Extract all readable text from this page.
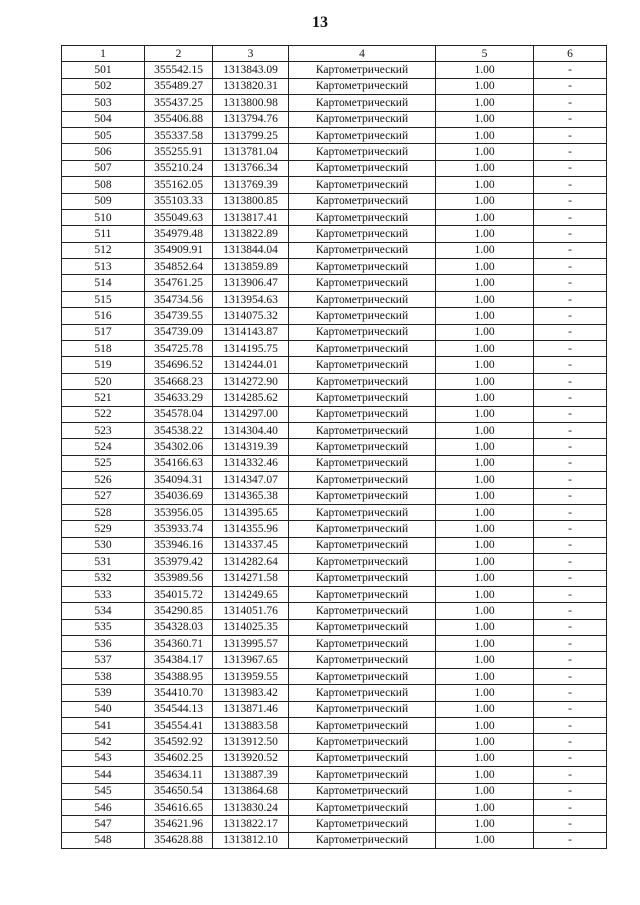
13
1	2	3	4	5	6
501	355542.15	1313843.09	Картометрический	1.00	-
502	355489.27	1313820.31	Картометрический	1.00	-
503	355437.25	1313800.98	Картометрический	1.00	-
504	355406.88	1313794.76	Картометрический	1.00	-
505	355337.58	1313799.25	Картометрический	1.00	-
506	355255.91	1313781.04	Картометрический	1.00	-
507	355210.24	1313766.34	Картометрический	1.00	-
508	355162.05	1313769.39	Картометрический	1.00	-
509	355103.33	1313800.85	Картометрический	1.00	-
510	355049.63	1313817.41	Картометрический	1.00	-
511	354979.48	1313822.89	Картометрический	1.00	-
512	354909.91	1313844.04	Картометрический	1.00	-
513	354852.64	1313859.89	Картометрический	1.00	-
514	354761.25	1313906.47	Картометрический	1.00	-
515	354734.56	1313954.63	Картометрический	1.00	-
516	354739.55	1314075.32	Картометрический	1.00	-
517	354739.09	1314143.87	Картометрический	1.00	-
518	354725.78	1314195.75	Картометрический	1.00	-
519	354696.52	1314244.01	Картометрический	1.00	-
520	354668.23	1314272.90	Картометрический	1.00	-
521	354633.29	1314285.62	Картометрический	1.00	-
522	354578.04	1314297.00	Картометрический	1.00	-
523	354538.22	1314304.40	Картометрический	1.00	-
524	354302.06	1314319.39	Картометрический	1.00	-
525	354166.63	1314332.46	Картометрический	1.00	-
526	354094.31	1314347.07	Картометрический	1.00	-
527	354036.69	1314365.38	Картометрический	1.00	-
528	353956.05	1314395.65	Картометрический	1.00	-
529	353933.74	1314355.96	Картометрический	1.00	-
530	353946.16	1314337.45	Картометрический	1.00	-
531	353979.42	1314282.64	Картометрический	1.00	-
532	353989.56	1314271.58	Картометрический	1.00	-
533	354015.72	1314249.65	Картометрический	1.00	-
534	354290.85	1314051.76	Картометрический	1.00	-
535	354328.03	1314025.35	Картометрический	1.00	-
536	354360.71	1313995.57	Картометрический	1.00	-
537	354384.17	1313967.65	Картометрический	1.00	-
538	354388.95	1313959.55	Картометрический	1.00	-
539	354410.70	1313983.42	Картометрический	1.00	-
540	354544.13	1313871.46	Картометрический	1.00	-
541	354554.41	1313883.58	Картометрический	1.00	-
542	354592.92	1313912.50	Картометрический	1.00	-
543	354602.25	1313920.52	Картометрический	1.00	-
544	354634.11	1313887.39	Картометрический	1.00	-
545	354650.54	1313864.68	Картометрический	1.00	-
546	354616.65	1313830.24	Картометрический	1.00	-
547	354621.96	1313822.17	Картометрический	1.00	-
548	354628.88	1313812.10	Картометрический	1.00	-
